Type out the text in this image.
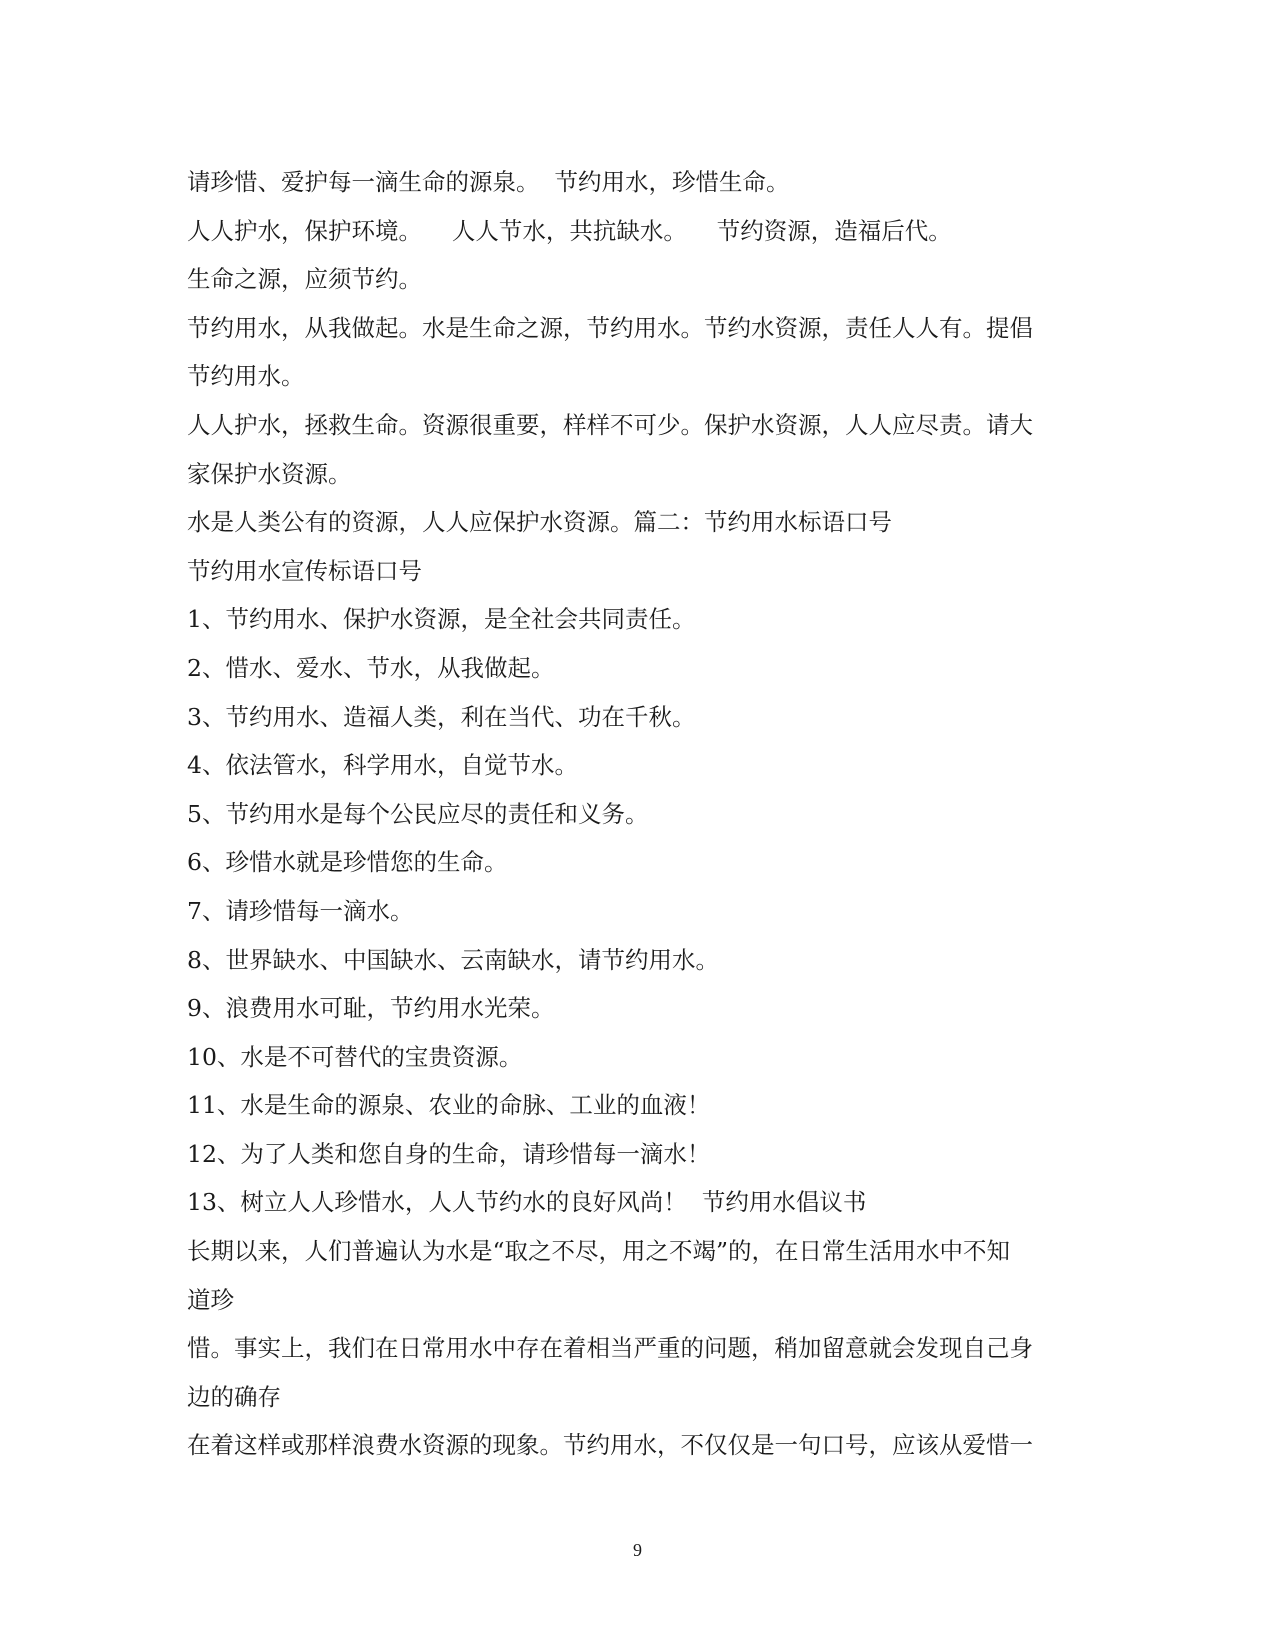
请珍惜、爱护每一滴生命的源泉。  节约用水，珍惜生命。
人人护水，保护环境。    人人节水，共抗缺水。    节约资源，造福后代。
生命之源，应须节约。
节约用水，从我做起。水是生命之源，节约用水。节约水资源，责任人人有。提倡
节约用水。
人人护水，拯救生命。资源很重要，样样不可少。保护水资源，人人应尽责。请大
家保护水资源。
水是人类公有的资源，人人应保护水资源。篇二：节约用水标语口号
节约用水宣传标语口号
1、节约用水、保护水资源，是全社会共同责任。
2、惜水、爱水、节水，从我做起。
3、节约用水、造福人类，利在当代、功在千秋。
4、依法管水，科学用水，自觉节水。
5、节约用水是每个公民应尽的责任和义务。
6、珍惜水就是珍惜您的生命。
7、请珍惜每一滴水。
8、世界缺水、中国缺水、云南缺水，请节约用水。
9、浪费用水可耻，节约用水光荣。
10、水是不可替代的宝贵资源。
11、水是生命的源泉、农业的命脉、工业的血液！
12、为了人类和您自身的生命，请珍惜每一滴水！
13、树立人人珍惜水，人人节约水的良好风尚！  节约用水倡议书
长期以来，人们普遍认为水是“取之不尽，用之不竭”的，在日常生活用水中不知
道珍
惜。事实上，我们在日常用水中存在着相当严重的问题，稍加留意就会发现自己身
边的确存
在着这样或那样浪费水资源的现象。节约用水，不仅仅是一句口号，应该从爱惜一
9
